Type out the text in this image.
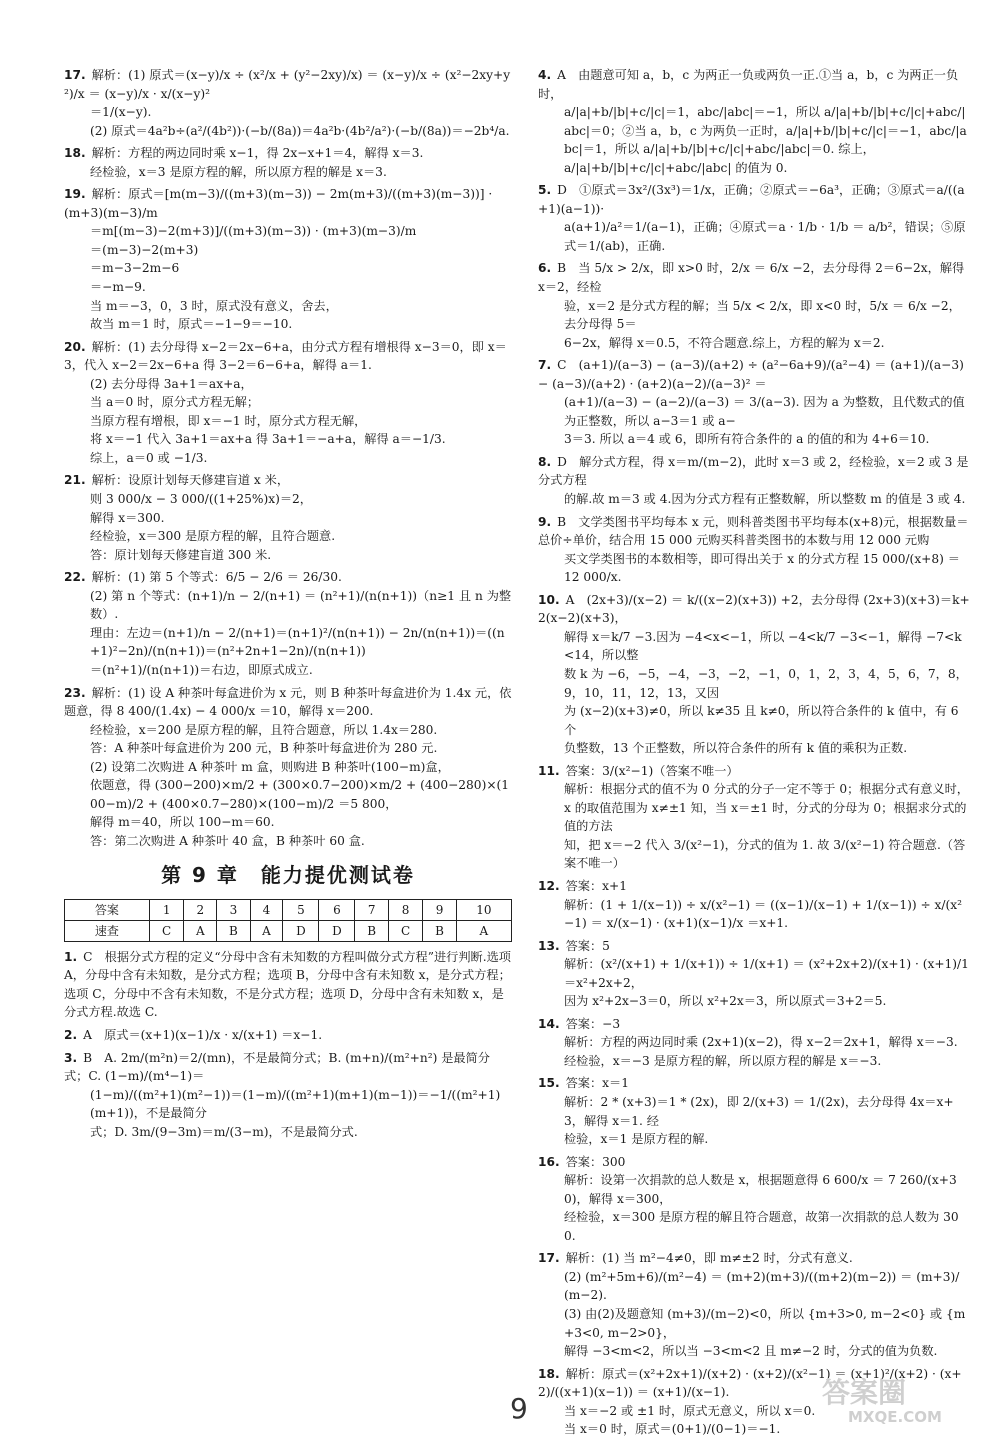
17. 解析：(1) 原式＝(x−y)/x ÷ (x²/x + (y²−2xy)/x) ＝ (x−y)/x ÷ (x²−2xy+y²)/x ＝ (x−y)/x · x/(x−y)²
＝1/(x−y).
(2) 原式＝4a²b÷(a²/(4b²))·(−b/(8a))＝4a²b·(4b²/a²)·(−b/(8a))＝−2b⁴/a.
18. 解析：方程的两边同时乘 x−1，得 2x−x+1＝4，解得 x＝3.
经检验，x＝3 是原方程的解，所以原方程的解是 x＝3.
19. 解析：原式＝[m(m−3)/((m+3)(m−3)) − 2m(m+3)/((m+3)(m−3))] · (m+3)(m−3)/m
＝m[(m−3)−2(m+3)]/((m+3)(m−3)) · (m+3)(m−3)/m
＝(m−3)−2(m+3)
＝m−3−2m−6
＝−m−9.
当 m＝−3，0，3 时，原式没有意义，舍去，
故当 m＝1 时，原式＝−1−9＝−10.
20. 解析：(1) 去分母得 x−2＝2x−6+a，由分式方程有增根得 x−3＝0，即 x＝3，代入 x−2＝2x−6+a 得 3−2＝6−6+a，解得 a＝1.
(2) 去分母得 3a+1＝ax+a，
当 a＝0 时，原分式方程无解；
当原方程有增根，即 x＝−1 时，原分式方程无解，
将 x＝−1 代入 3a+1＝ax+a 得 3a+1＝−a+a，解得 a＝−1/3.
综上，a＝0 或 −1/3.
21. 解析：设原计划每天修建盲道 x 米，
则 3 000/x − 3 000/((1+25%)x)＝2，
解得 x＝300.
经检验，x＝300 是原方程的解，且符合题意.
答：原计划每天修建盲道 300 米.
22. 解析：(1) 第 5 个等式：6/5 − 2/6 ＝ 26/30.
(2) 第 n 个等式：(n+1)/n − 2/(n+1) ＝ (n²+1)/(n(n+1))（n≥1 且 n 为整数）.
理由：左边＝(n+1)/n − 2/(n+1)＝(n+1)²/(n(n+1)) − 2n/(n(n+1))＝((n+1)²−2n)/(n(n+1))＝(n²+2n+1−2n)/(n(n+1))
＝(n²+1)/(n(n+1))＝右边，即原式成立.
23. 解析：(1) 设 A 种茶叶每盒进价为 x 元，则 B 种茶叶每盒进价为 1.4x 元，依题意，得 8 400/(1.4x) − 4 000/x ＝10，解得 x＝200.
经检验，x＝200 是原方程的解，且符合题意，所以 1.4x＝280.
答：A 种茶叶每盒进价为 200 元，B 种茶叶每盒进价为 280 元.
(2) 设第二次购进 A 种茶叶 m 盒，则购进 B 种茶叶(100−m)盒，
依题意，得 (300−200)×m/2 + (300×0.7−200)×m/2 + (400−280)×(100−m)/2 + (400×0.7−280)×(100−m)/2 ＝5 800，
解得 m＝40，所以 100−m＝60.
答：第二次购进 A 种茶叶 40 盒，B 种茶叶 60 盒.
第 9 章　能力提优测试卷
答案	1	2	3	4	5	6	7	8	9	10
速查	C	A	B	A	D	D	B	C	B	A
1. C　根据分式方程的定义“分母中含有未知数的方程叫做分式方程”进行判断.选项 A，分母中含有未知数，是分式方程；选项 B，分母中含有未知数 x，是分式方程；选项 C，分母中不含有未知数，不是分式方程；选项 D，分母中含有未知数 x，是分式方程.故选 C.
2. A　原式＝(x+1)(x−1)/x · x/(x+1) ＝x−1.
3. B　A. 2m/(m²n)＝2/(mn)，不是最简分式；B. (m+n)/(m²+n²) 是最简分式；C. (1−m)/(m⁴−1)＝
(1−m)/((m²+1)(m²−1))＝(1−m)/((m²+1)(m+1)(m−1))＝−1/((m²+1)(m+1))，不是最简分
式；D. 3m/(9−3m)＝m/(3−m)，不是最简分式.
4. A　由题意可知 a，b，c 为两正一负或两负一正.①当 a，b，c 为两正一负时，
a/|a|+b/|b|+c/|c|＝1，abc/|abc|＝−1，所以 a/|a|+b/|b|+c/|c|+abc/|abc|＝0；②当 a，b，c 为两负一正时，a/|a|+b/|b|+c/|c|＝−1，abc/|abc|＝1，所以 a/|a|+b/|b|+c/|c|+abc/|abc|＝0. 综上，
a/|a|+b/|b|+c/|c|+abc/|abc| 的值为 0.
5. D　①原式＝3x²/(3x³)＝1/x，正确；②原式＝−6a³，正确；③原式＝a/((a+1)(a−1))·
a(a+1)/a²＝1/(a−1)，正确；④原式＝a · 1/b · 1/b ＝ a/b²，错误；⑤原式＝1/(ab)，正确.
6. B　当 5/x > 2/x，即 x>0 时，2/x ＝ 6/x −2，去分母得 2＝6−2x，解得 x＝2，经检
验，x＝2 是分式方程的解；当 5/x < 2/x，即 x<0 时，5/x ＝ 6/x −2，去分母得 5＝
6−2x，解得 x＝0.5，不符合题意.综上，方程的解为 x＝2.
7. C　(a+1)/(a−3) − (a−3)/(a+2) ÷ (a²−6a+9)/(a²−4) ＝ (a+1)/(a−3) − (a−3)/(a+2) · (a+2)(a−2)/(a−3)² ＝
(a+1)/(a−3) − (a−2)/(a−3) ＝ 3/(a−3). 因为 a 为整数，且代数式的值为正整数，所以 a−3＝1 或 a−
3＝3. 所以 a＝4 或 6，即所有符合条件的 a 的值的和为 4+6＝10.
8. D　解分式方程，得 x＝m/(m−2)，此时 x＝3 或 2，经检验，x＝2 或 3 是分式方程
的解.故 m＝3 或 4.因为分式方程有正整数解，所以整数 m 的值是 3 或 4.
9. B　文学类图书平均每本 x 元，则科普类图书平均每本(x+8)元，根据数量＝总价÷单价，结合用 15 000 元购买科普类图书的本数与用 12 000 元购
买文学类图书的本数相等，即可得出关于 x 的分式方程 15 000/(x+8) ＝ 12 000/x.
10. A　(2x+3)/(x−2) ＝ k/((x−2)(x+3)) +2，去分母得 (2x+3)(x+3)＝k+2(x−2)(x+3)，
解得 x＝k/7 −3.因为 −4<x<−1，所以 −4<k/7 −3<−1，解得 −7<k<14，所以整
数 k 为 −6，−5，−4，−3，−2，−1，0，1，2，3，4，5，6，7，8，9，10，11，12，13，又因
为 (x−2)(x+3)≠0，所以 k≠35 且 k≠0，所以符合条件的 k 值中，有 6 个
负整数，13 个正整数，所以符合条件的所有 k 值的乘积为正数.
11. 答案：3/(x²−1)（答案不唯一）
解析：根据分式的值不为 0 分式的分子一定不等于 0；根据分式有意义时，x 的取值范围为 x≠±1 知，当 x＝±1 时，分式的分母为 0；根据求分式的值的方法
知，把 x＝−2 代入 3/(x²−1)，分式的值为 1. 故 3/(x²−1) 符合题意.（答案不唯一）
12. 答案：x+1
解析：(1 + 1/(x−1)) ÷ x/(x²−1) ＝ ((x−1)/(x−1) + 1/(x−1)) ÷ x/(x²−1) ＝ x/(x−1) · (x+1)(x−1)/x ＝x+1.
13. 答案：5
解析：(x²/(x+1) + 1/(x+1)) ÷ 1/(x+1) ＝ (x²+2x+2)/(x+1) · (x+1)/1 ＝x²+2x+2，
因为 x²+2x−3＝0，所以 x²+2x＝3，所以原式＝3+2＝5.
14. 答案：−3
解析：方程的两边同时乘 (2x+1)(x−2)，得 x−2＝2x+1，解得 x＝−3. 经检验，x＝−3 是原方程的解，所以原方程的解是 x＝−3.
15. 答案：x＝1
解析：2 * (x+3)＝1 * (2x)，即 2/(x+3) ＝ 1/(2x)，去分母得 4x＝x+3，解得 x＝1. 经
检验，x＝1 是原方程的解.
16. 答案：300
解析：设第一次捐款的总人数是 x，根据题意得 6 600/x ＝ 7 260/(x+30)，解得 x＝300，
经检验，x＝300 是原方程的解且符合题意，故第一次捐款的总人数为 300.
17. 解析：(1) 当 m²−4≠0，即 m≠±2 时，分式有意义.
(2) (m²+5m+6)/(m²−4) ＝ (m+2)(m+3)/((m+2)(m−2)) ＝ (m+3)/(m−2).
(3) 由(2)及题意知 (m+3)/(m−2)<0，所以 {m+3>0, m−2<0} 或 {m+3<0, m−2>0}，
解得 −3<m<2，所以当 −3<m<2 且 m≠−2 时，分式的值为负数.
18. 解析：原式＝(x²+2x+1)/(x+2) · (x+2)/(x²−1) ＝ (x+1)²/(x+2) · (x+2)/((x+1)(x−1)) ＝ (x+1)/(x−1).
当 x＝−2 或 ±1 时，原式无意义，所以 x＝0.
当 x＝0 时，原式＝(0+1)/(0−1)＝−1.
9	答案圈
MXQE.COM
